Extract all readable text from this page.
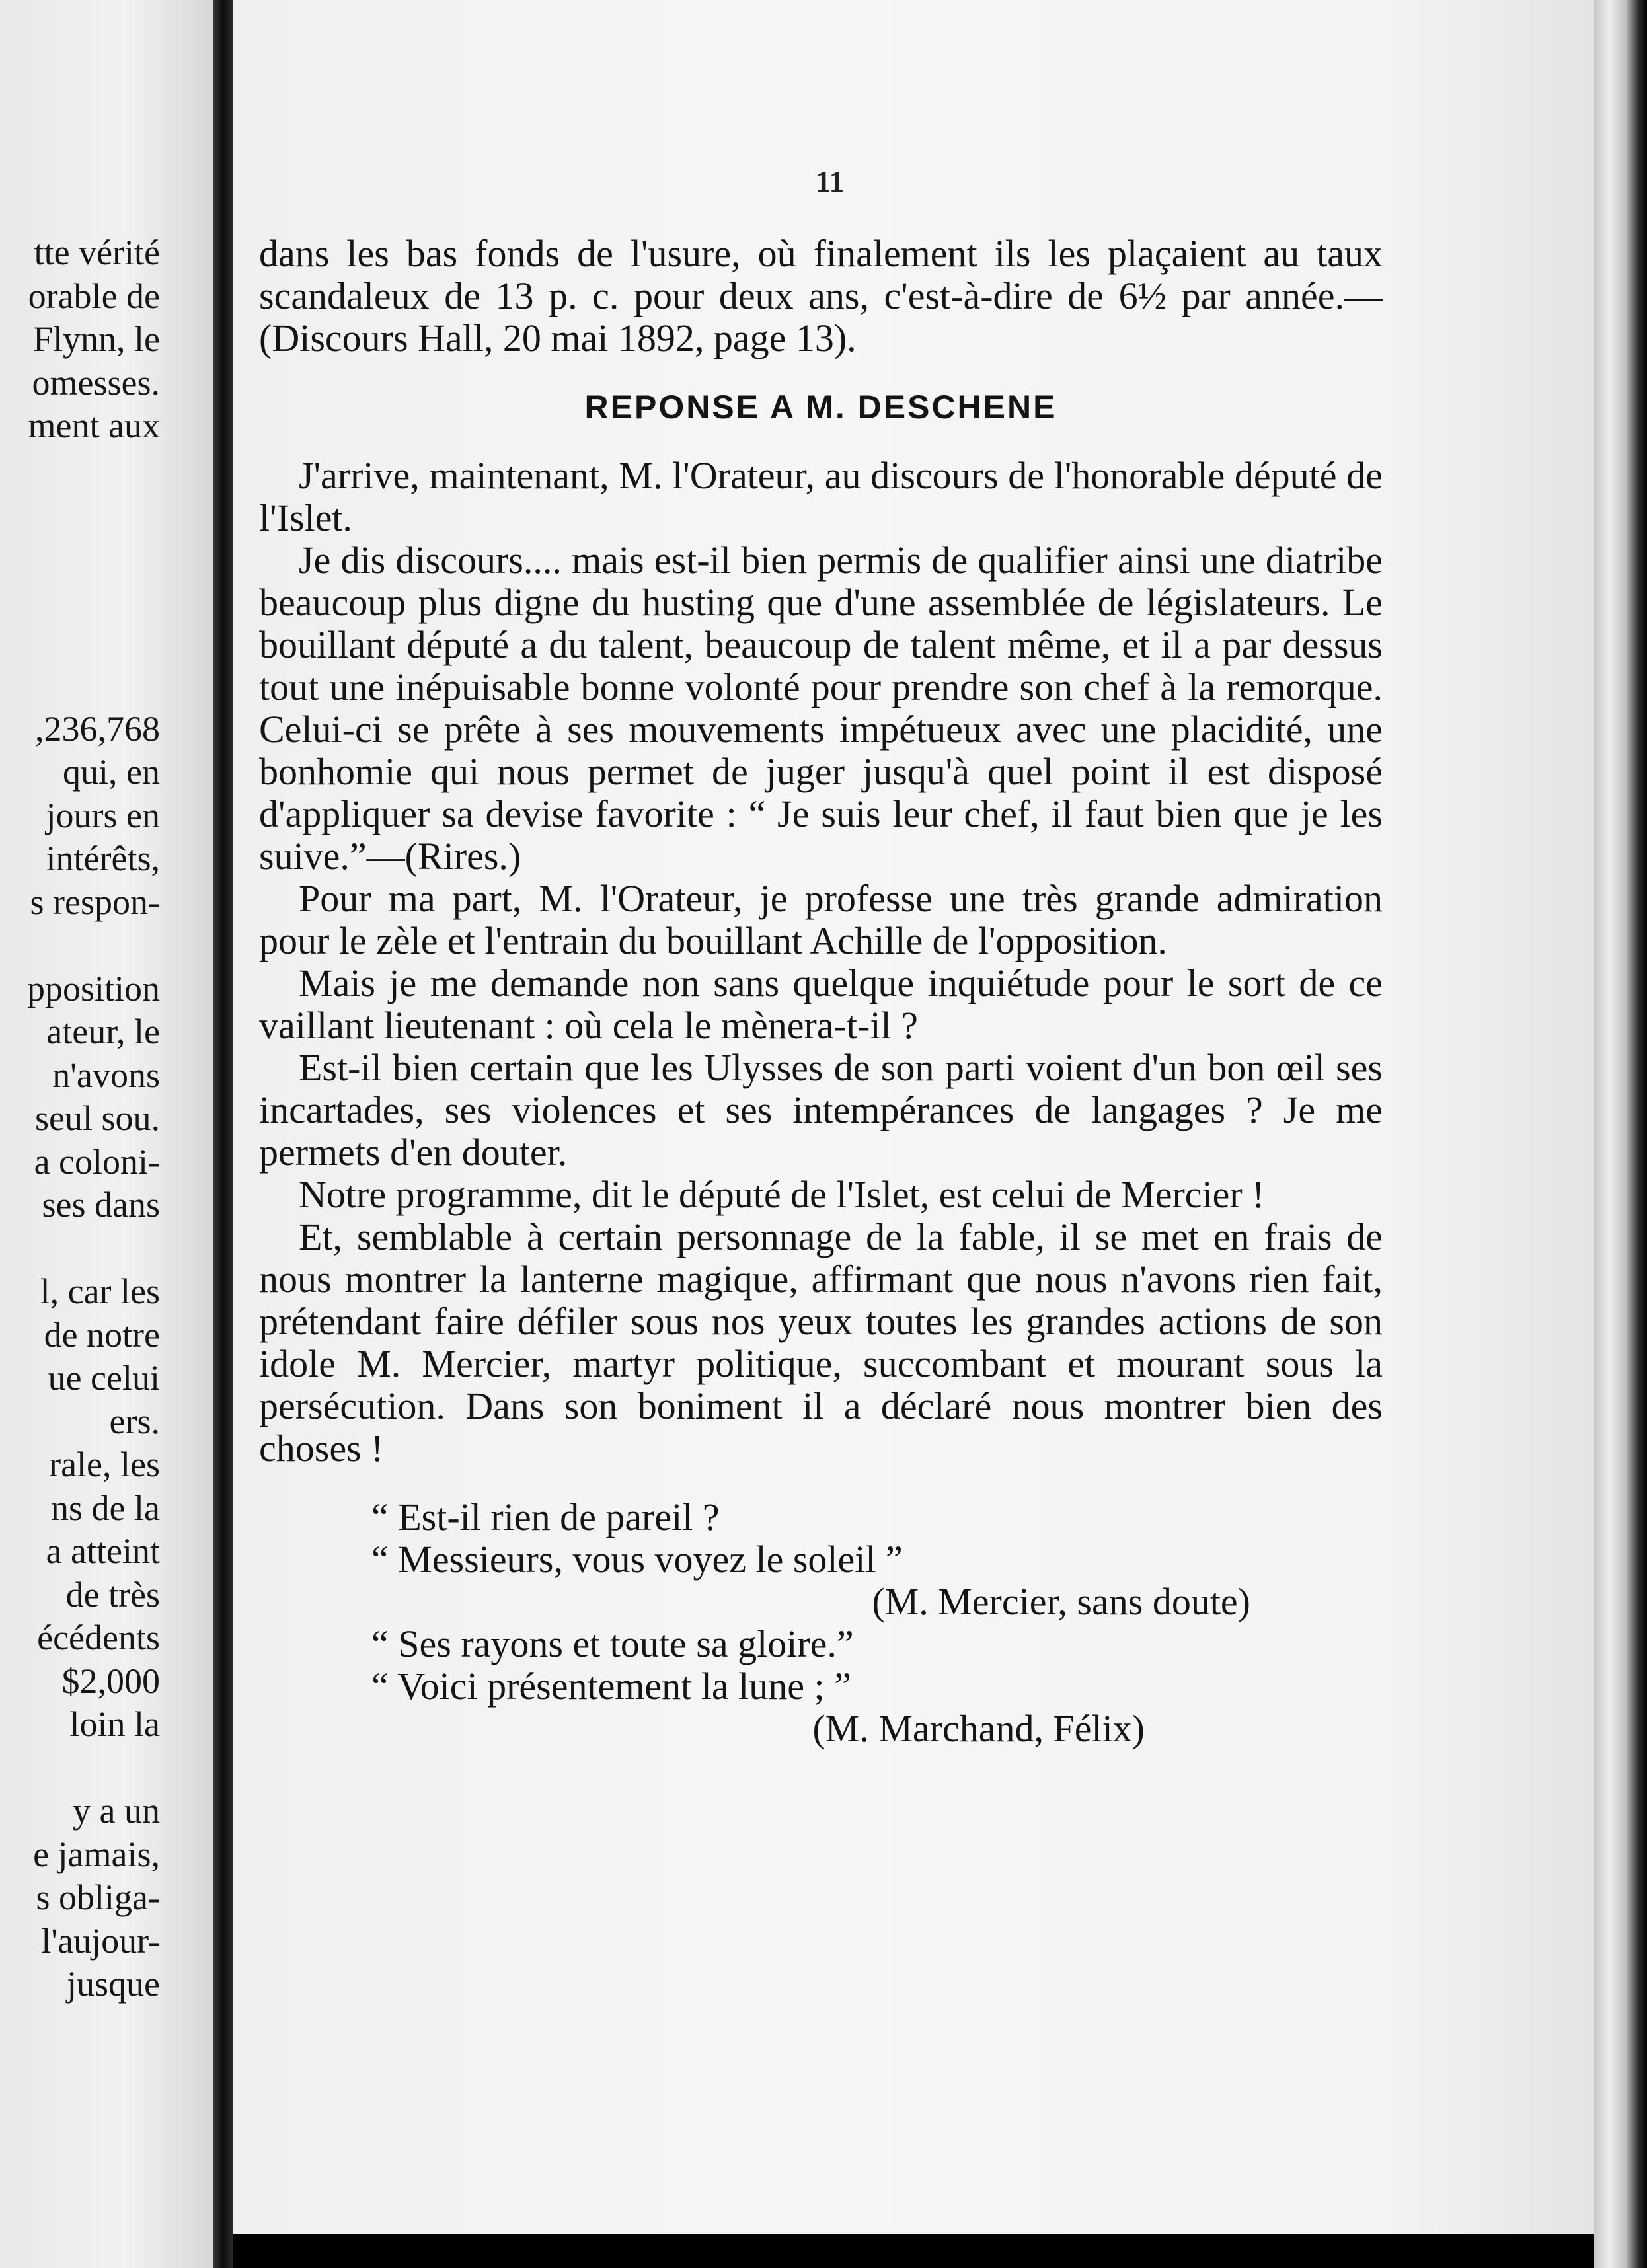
tte vérité
orable de
Flynn, le
omesses.
ment aux
,236,768
qui, en
jours en
intérêts,
s respon-
pposition
ateur, le
n'avons
seul sou.
a coloni-
ses dans
l, car les
de notre
ue celui
ers.
rale, les
ns de la
a atteint
de très
écédents
$2,000
loin la
y a un
e jamais,
s obliga-
l'aujour-
jusque
11

dans les bas fonds de l'usure, où finalement ils les plaçaient au taux scandaleux de 13 p. c. pour deux ans, c'est-à-dire de 6½ par année.—(Discours Hall, 20 mai 1892, page 13).

REPONSE A M. DESCHENE

J'arrive, maintenant, M. l'Orateur, au discours de l'honorable député de l'Islet.

Je dis discours.... mais est-il bien permis de qualifier ainsi une diatribe beaucoup plus digne du husting que d'une assemblée de législateurs. Le bouillant député a du talent, beaucoup de talent même, et il a par dessus tout une inépuisable bonne volonté pour prendre son chef à la remorque. Celui-ci se prête à ses mouvements impétueux avec une placidité, une bonhomie qui nous permet de juger jusqu'à quel point il est disposé d'appliquer sa devise favorite : “ Je suis leur chef, il faut bien que je les suive.”—(Rires.)

Pour ma part, M. l'Orateur, je professe une très grande admiration pour le zèle et l'entrain du bouillant Achille de l'opposition.

Mais je me demande non sans quelque inquiétude pour le sort de ce vaillant lieutenant : où cela le mènera-t-il ?

Est-il bien certain que les Ulysses de son parti voient d'un bon œil ses incartades, ses violences et ses intempérances de langages ? Je me permets d'en douter.

Notre programme, dit le député de l'Islet, est celui de Mercier !

Et, semblable à certain personnage de la fable, il se met en frais de nous montrer la lanterne magique, affirmant que nous n'avons rien fait, prétendant faire défiler sous nos yeux toutes les grandes actions de son idole M. Mercier, martyr politique, succombant et mourant sous la persécution. Dans son boniment il a déclaré nous montrer bien des choses !

“ Est-il rien de pareil ?

“ Messieurs, vous voyez le soleil ”

(M. Mercier, sans doute)

“ Ses rayons et toute sa gloire.”

“ Voici présentement la lune ; ”

(M. Marchand, Félix)
